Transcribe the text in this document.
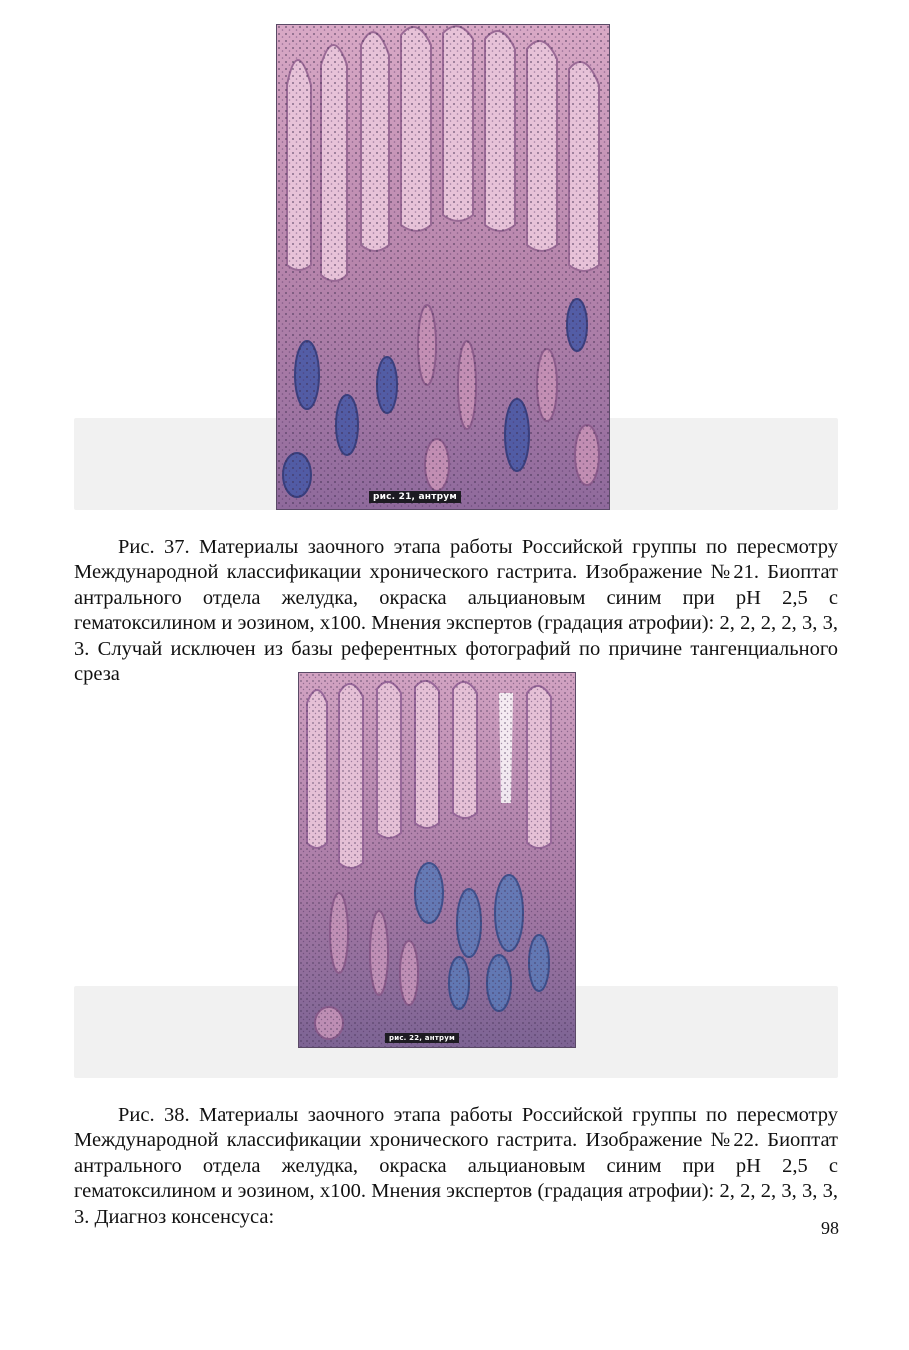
рис. 21, антрум

Рис. 37. Материалы заочного этапа работы Российской группы по пересмотру Международной классификации хронического гастрита. Изображение №21. Биоптат антрального отдела желудка, окраска альциановым синим при pH 2,5 с гематоксилином и эозином, x100. Мнения экспертов (градация атрофии): 2, 2, 2, 2, 3, 3, 3. Случай исключен из базы референтных фотографий по причине тангенциального среза

рис. 22, антрум

Рис. 38. Материалы заочного этапа работы Российской группы по пересмотру Международной классификации хронического гастрита. Изображение №22. Биоптат антрального отдела желудка, окраска альциановым синим при pH 2,5 с гематоксилином и эозином, x100. Мнения экспертов (градация атрофии): 2, 2, 2, 3, 3, 3, 3. Диагноз консенсуса:

98
